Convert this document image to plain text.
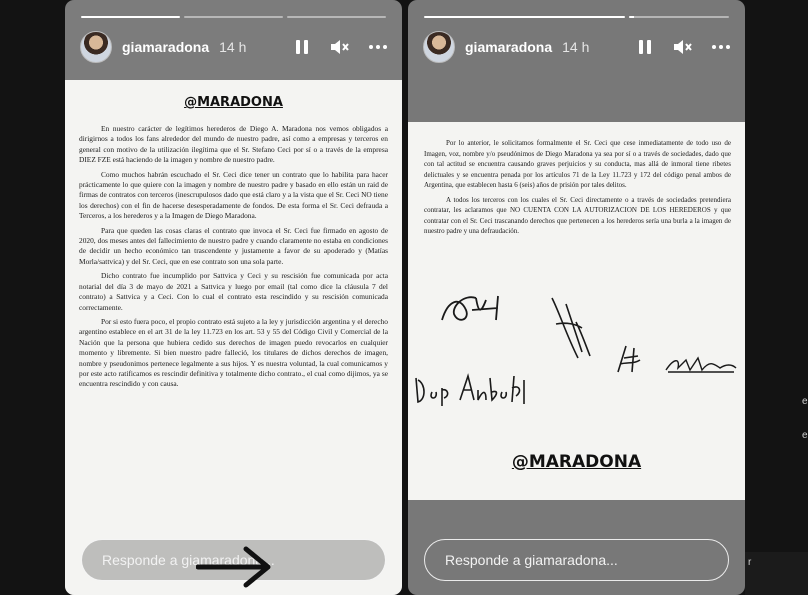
giamaradona 14 h
@MARADONA

En nuestro carácter de legítimos herederos de Diego A. Maradona nos vemos obligados a dirigirnos a todos los fans alrededor del mundo de nuestro padre, así como a empresas y terceros en general con motivo de la utilización ilegítima que el Sr. Stefano Ceci por sí o a través de la empresa DIEZ FZE está haciendo de la imagen y nombre de nuestro padre.

Como muchos habrán escuchado el Sr. Ceci dice tener un contrato que lo habilita para hacer prácticamente lo que quiere con la imagen y nombre de nuestro padre y basado en ello están un raid de firmas de contratos con terceros (inescrupulosos dado que está claro y a la vista que el Sr. Ceci NO tiene los derechos) con el fin de hacerse desesperadamente de fondos. De esta forma el Sr. Ceci defrauda a Terceros, a los herederos y a la Imagen de Diego Maradona.

Para que queden las cosas claras el contrato que invoca el Sr. Ceci fue firmado en agosto de 2020, dos meses antes del fallecimiento de nuestro padre y cuando claramente no estaba en condiciones de decidir un hecho económico tan trascendente y justamente a favor de su apoderado y (Matías Morla/sattvica) y del Sr. Ceci, que en ese contrato son una sola parte.

Dicho contrato fue incumplido por Sattvica y Ceci y su rescisión fue comunicada por acta notarial del día 3 de mayo de 2021 a Sattvica y luego por email (tal como dice la cláusula 7 del contrato) a Sattvica y a Ceci. Con lo cual el contrato esta rescindido y su rescisión comunicada correctamente.

Por si esto fuera poco, el propio contrato está sujeto a la ley y jurisdicción argentina y el derecho argentino establece en el art 31 de la ley 11.723 en los art. 53 y 55 del Código Civil y Comercial de la Nación que la persona que hubiera cedido sus derechos de imagen puedo revocarlos en cualquier momento y libremente. Si bien nuestro padre falleció, los titulares de dichos derechos de imagen, nombre y pseudonimos pertenece legalmente a sus hijos. Y es nuestra voluntad, la cual comunicamos y por este acto ratificamos es rescindir definitiva y totalmente dicho contrato., el cual como dijimos, ya se encuentra rescindido y con causa.

Responde a giamaradona...
giamaradona 14 h

Por lo anterior, le solicitamos formalmente el Sr. Ceci que cese inmediatamente de todo uso de Imagen, voz, nombre y/o pseudónimos de Diego Maradona ya sea por sí o a través de sociedades, dado que con tal actitud se encuentra causando graves perjuicios y su conducta, mas allá de inmoral tiene ribetes delictuales y se encuentra penada por los artículos 71 de la Ley 11.723 y 172 del código penal ambos de Argentina, que establecen hasta 6 (seis) años de prisión por tales delitos.

A todos los terceros con los cuales el Sr. Ceci directamente o a través de sociedades pretendiera contratar, les aclaramos que NO CUENTA CON LA AUTORIZACION DE LOS HEREDEROS y que contratar con el Sr. Ceci trascanando derechos que pertenecen a los herederos sería una burla a la imagen de nuestro padre y una defraudación.

@MARADONA
Responde a giamaradona...
e
e
r
